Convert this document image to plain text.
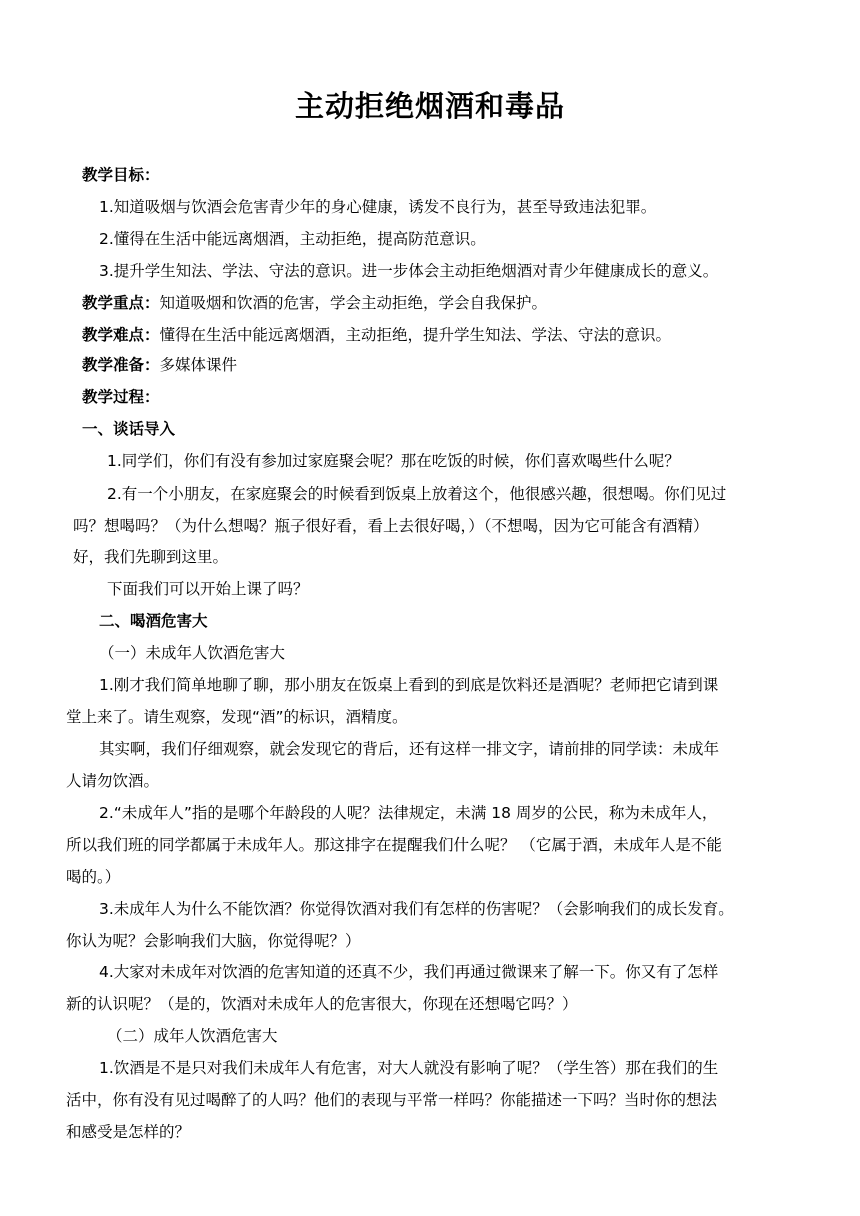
主动拒绝烟酒和毒品
教学目标：
1.知道吸烟与饮酒会危害青少年的身心健康，诱发不良行为，甚至导致违法犯罪。
2.懂得在生活中能远离烟酒，主动拒绝，提高防范意识。
3.提升学生知法、学法、守法的意识。进一步体会主动拒绝烟酒对青少年健康成长的意义。
教学重点：知道吸烟和饮酒的危害，学会主动拒绝，学会自我保护。
教学难点：懂得在生活中能远离烟酒，主动拒绝，提升学生知法、学法、守法的意识。
教学准备：多媒体课件
教学过程：
一、谈话导入
1.同学们，你们有没有参加过家庭聚会呢？那在吃饭的时候，你们喜欢喝些什么呢？
2.有一个小朋友，在家庭聚会的时候看到饭桌上放着这个，他很感兴趣，很想喝。你们见过
吗？想喝吗？（为什么想喝？瓶子很好看，看上去很好喝，）（不想喝，因为它可能含有酒精）
好，我们先聊到这里。
下面我们可以开始上课了吗？
二、喝酒危害大
（一）未成年人饮酒危害大
1.刚才我们简单地聊了聊，那小朋友在饭桌上看到的到底是饮料还是酒呢？老师把它请到课
堂上来了。请生观察，发现“酒”的标识，酒精度。
其实啊，我们仔细观察，就会发现它的背后，还有这样一排文字，请前排的同学读：未成年
人请勿饮酒。
2.“未成年人”指的是哪个年龄段的人呢？法律规定，未满 18 周岁的公民，称为未成年人，
所以我们班的同学都属于未成年人。那这排字在提醒我们什么呢？ （它属于酒，未成年人是不能
喝的。）
3.未成年人为什么不能饮酒？你觉得饮酒对我们有怎样的伤害呢？（会影响我们的成长发育。
你认为呢？会影响我们大脑，你觉得呢？）
4.大家对未成年对饮酒的危害知道的还真不少，我们再通过微课来了解一下。你又有了怎样
新的认识呢？（是的，饮酒对未成年人的危害很大，你现在还想喝它吗？）
（二）成年人饮酒危害大
1.饮酒是不是只对我们未成年人有危害，对大人就没有影响了呢？（学生答）那在我们的生
活中，你有没有见过喝醉了的人吗？他们的表现与平常一样吗？你能描述一下吗？当时你的想法
和感受是怎样的？
